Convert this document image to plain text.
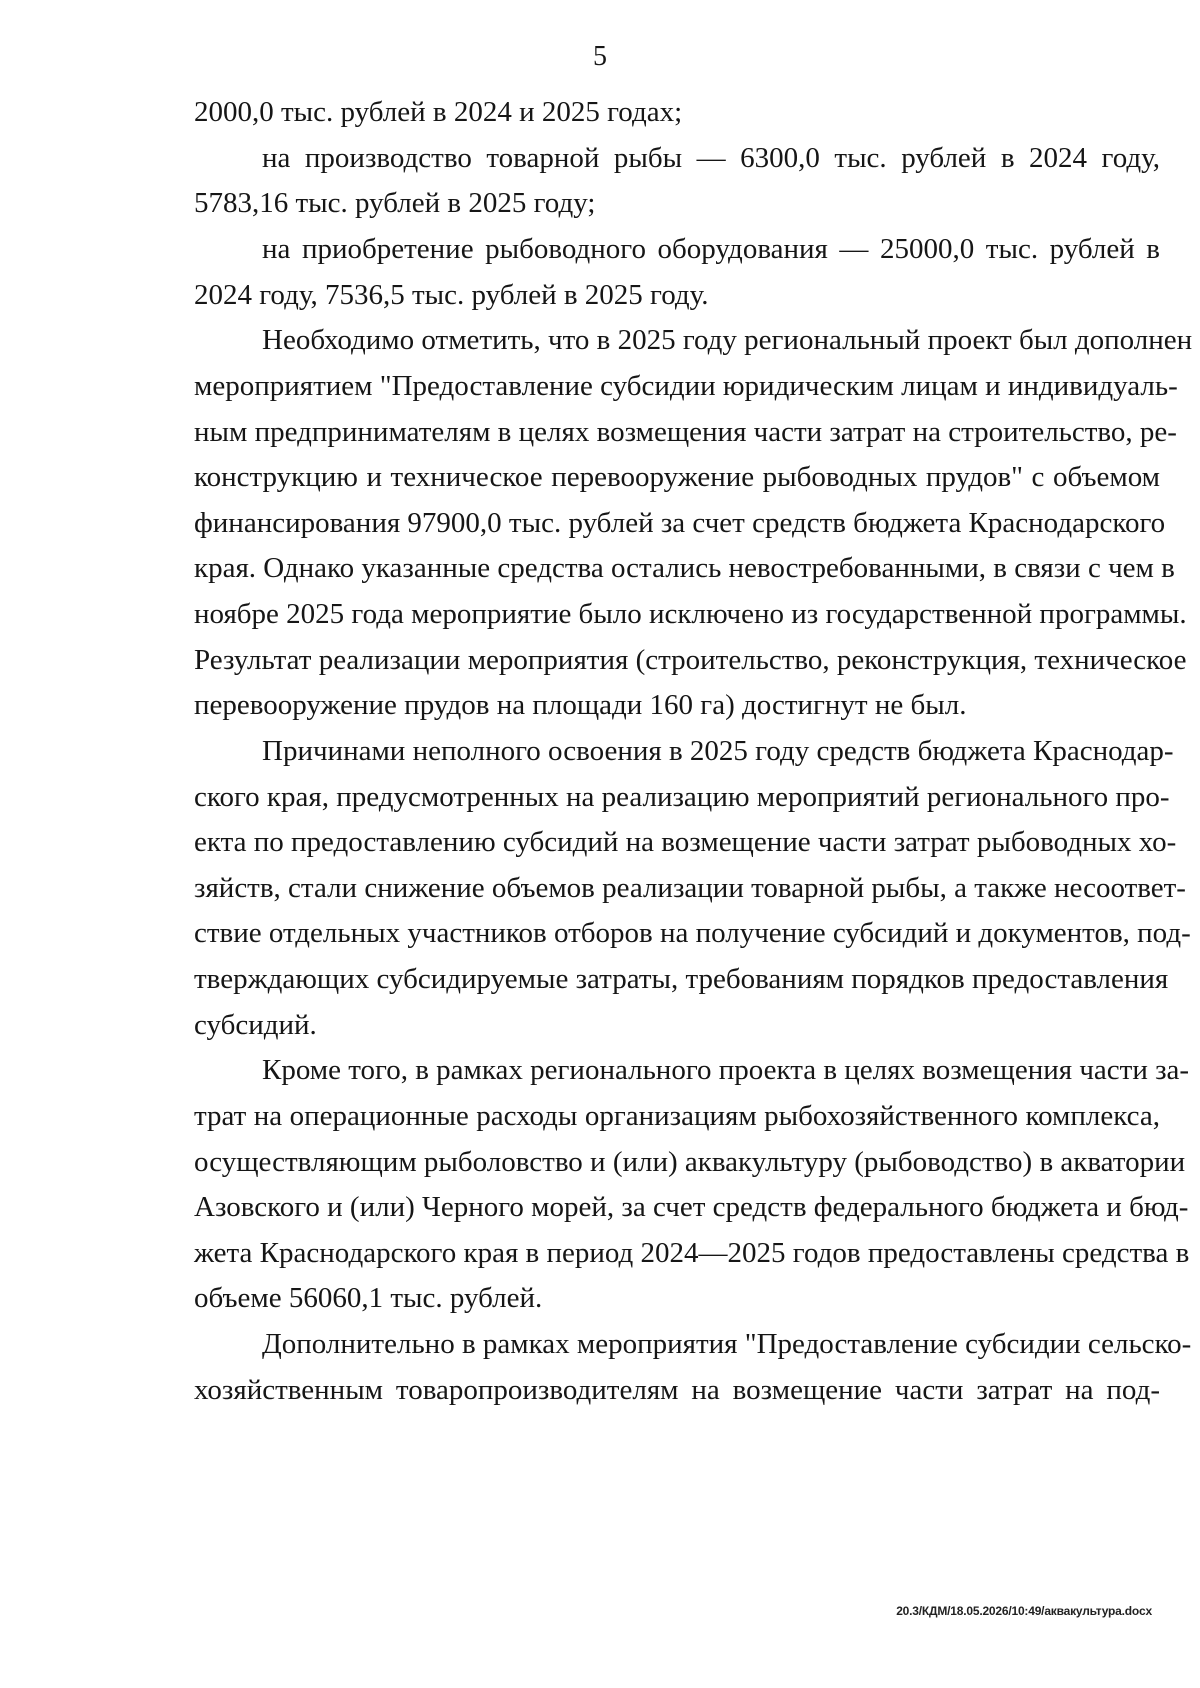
5
2000,0 тыс. рублей в 2024 и 2025 годах;
на производство товарной рыбы — 6300,0 тыс. рублей в 2024 году,
5783,16 тыс. рублей в 2025 году;
на приобретение рыбоводного оборудования — 25000,0 тыс. рублей в
2024 году, 7536,5 тыс. рублей в 2025 году.
Необходимо отметить, что в 2025 году региональный проект был дополнен
мероприятием "Предоставление субсидии юридическим лицам и индивидуаль-
ным предпринимателям в целях возмещения части затрат на строительство, ре-
конструкцию и техническое перевооружение рыбоводных прудов" с объемом
финансирования 97900,0 тыс. рублей за счет средств бюджета Краснодарского
края. Однако указанные средства остались невостребованными, в связи с чем в
ноябре 2025 года мероприятие было исключено из государственной программы.
Результат реализации мероприятия (строительство, реконструкция, техническое
перевооружение прудов на площади 160 га) достигнут не был.
Причинами неполного освоения в 2025 году средств бюджета Краснодар-
ского края, предусмотренных на реализацию мероприятий регионального про-
екта по предоставлению субсидий на возмещение части затрат рыбоводных хо-
зяйств, стали снижение объемов реализации товарной рыбы, а также несоответ-
ствие отдельных участников отборов на получение субсидий и документов, под-
тверждающих субсидируемые затраты, требованиям порядков предоставления
субсидий.
Кроме того, в рамках регионального проекта в целях возмещения части за-
трат на операционные расходы организациям рыбохозяйственного комплекса,
осуществляющим рыболовство и (или) аквакультуру (рыбоводство) в акватории
Азовского и (или) Черного морей, за счет средств федерального бюджета и бюд-
жета Краснодарского края в период 2024—2025 годов предоставлены средства в
объеме 56060,1 тыс. рублей.
Дополнительно в рамках мероприятия "Предоставление субсидии сельско-
хозяйственным товаропроизводителям на возмещение части затрат на под-
20.3/КДМ/18.05.2026/10:49/аквакультура.docx
